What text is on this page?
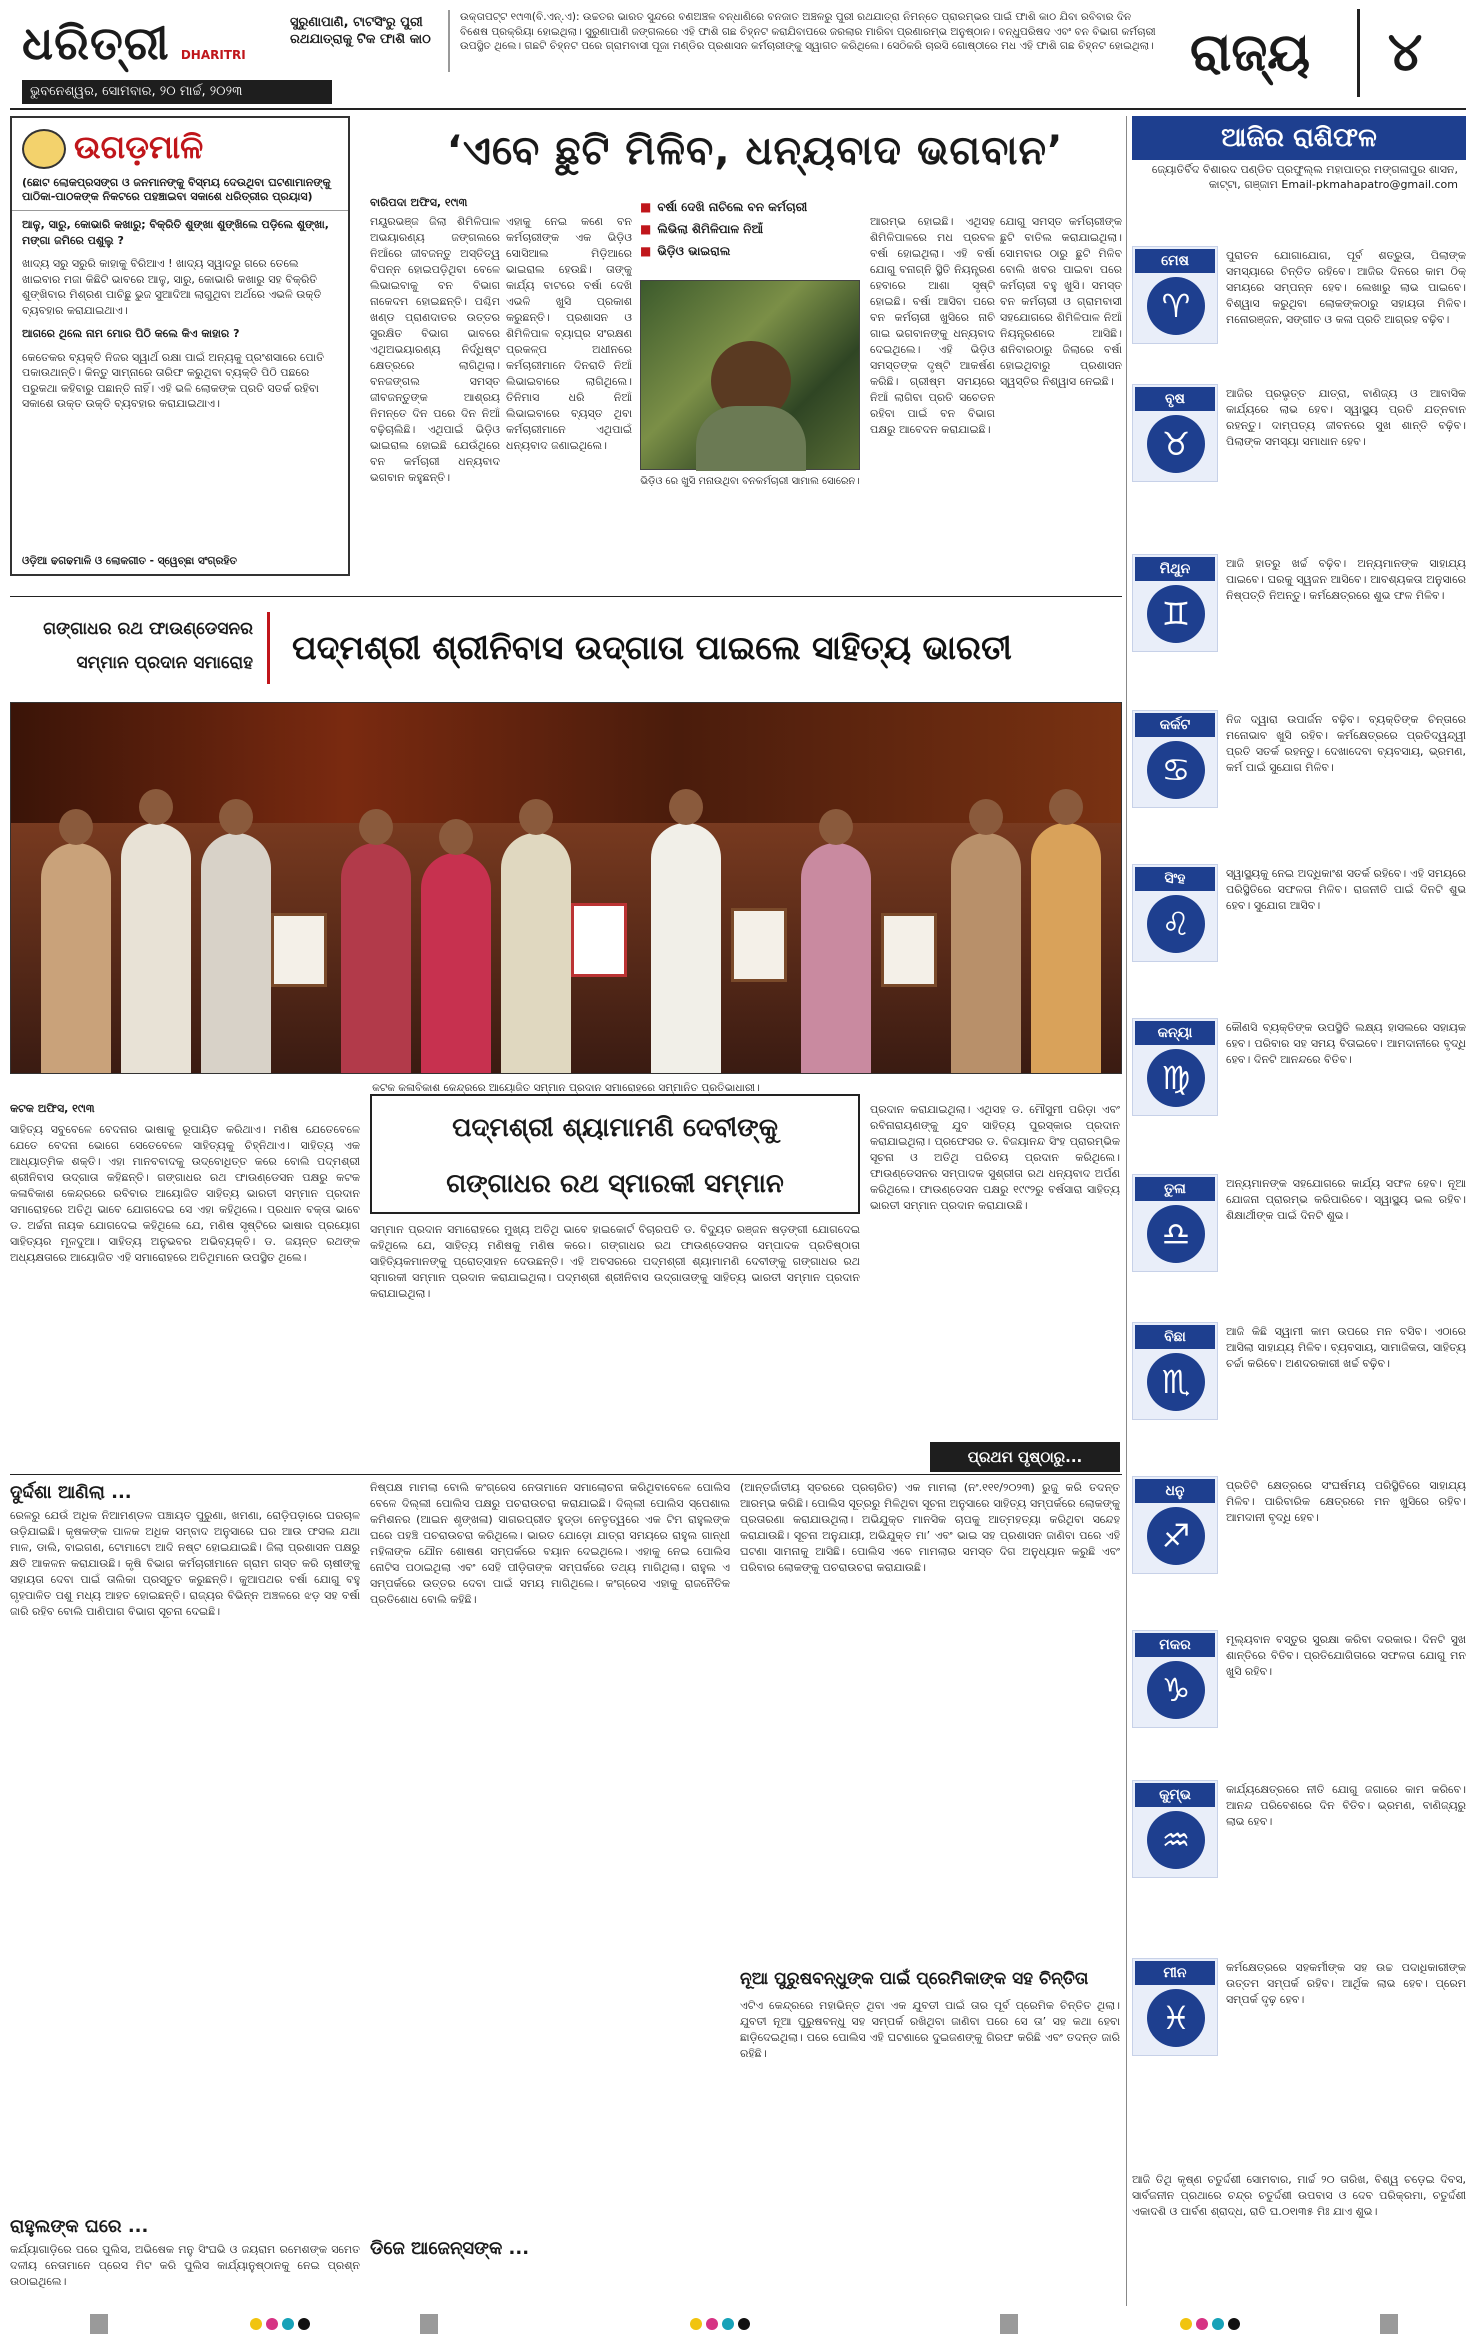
ଧରିତ୍ରୀ DHARITRI
ଭୁବନେଶ୍ୱର, ସୋମବାର, ୨୦ ମାର୍ଚ୍ଚ, ୨୦୨୩
ସୁରୁଣାପାଣି, ଟାଟସିଂରୁ ପୁରୀ ରଥଯାତ୍ରାକୁ ଟିକ ଫାଶି କାଠ
ଉକ୍ତାପଟ୍ଟ ୧୯ା୩(ବି.ଏନ୍‌.ଏ): ଉଚ୍ଚତର ଭାରତ ସୁନ୍ଦରେ ବଣଅଞ୍ଚଳ ବନ୍ଧାଣିରେ ବନଜାତ ଅଞ୍ଚଳରୁ ପୁରୀ ରଥଯାତ୍ରା ନିମନ୍ତେ ପ୍ରାରମ୍ଭର ପାଇଁ ଫାଶି କାଠ ଯିବା ରବିବାର ଦିନ ବିଶେଷ ପ୍ରକ୍ରିୟା ହୋଇଥିଲା। ସୁରୁଣାପାଣି ଜଙ୍ଗଲରେ ଏହି ଫାଶି ଗଛ ଚିହ୍ନଟ କରାଯିବାପରେ ଜରଲାର ମାରିବା ପ୍ରଣାରମ୍ଭ ଅନୁଷ୍ଠାନ। ବନ୍ଧୁପରିଷଦ ଏବଂ ବନ ବିଭାଗ କର୍ମଚାରୀ ଉପସ୍ଥିତ ଥିଲେ। ଗଛଟି ଚିହ୍ନଟ ପରେ ଗ୍ରାମବାସୀ ପୂଜା ମଣ୍ଡିର ପ୍ରଶାସନ କର୍ମଚାରୀଙ୍କୁ ସ୍ୱାଗତ କରିଥିଲେ। ସେଠିକରି ଚାରସି ଗୋଷ୍ଠୀରେ ମଧ ଏହି ଫାଶି ଗଛ ଚିହ୍ନଟ ହୋଇଥିଲା। ରାଜ୍ୟ ୪
ଉଗଡ଼ମାଳି
(ଛୋଟ ଲୋକପ୍ରସଙ୍ଗ ଓ ଜନମାନଙ୍କୁ ବିସ୍ମୟ ଦେଉଥିବା ଘଟଣାମାନଙ୍କୁ ପାଠିକା-ପାଠକଙ୍କ ନିକଟରେ ପହଞ୍ଚାଇବା ସକାଶେ ଧରିତ୍ରୀର ପ୍ରୟାସ)

ଆଳୁ, ସାରୁ, କୋଭାରି କଖାରୁ; ବିକ୍ରିତି ଶୁଙ୍ଖା ଶୁଙ୍ଖିଲେ ପଡ଼ିଲେ ଶୁଙ୍ଖା, ମଙ୍ଗା ଜମିରେ ପଶୁଲୁ ?

ଖାଦ୍ୟ ସରୁ ସରୁରି କାହାକୁ ବିରିଆଏ ! ଖାଦ୍ୟ ସ୍ୱାଦରୁ ଗରେ ତେଲେ ଖାଇବାର ମଜା କିଛିଟି ଭାବରେ ଆଳୁ, ସାରୁ, କୋଭାରି କଖାରୁ ସହ ବିକ୍ରିତି ଶୁଙ୍ଖିବାର ମିଶ୍ରଣ ପାଚିଛୁ ଭୁଜ ସୁଆଦିଆ ଲାଗୁଥିବା ଅର୍ଥରେ ଏଭଳି ଉକ୍ତି ବ୍ୟବହାର କରାଯାଇଥାଏ।

ଆଗରେ ଥିଲେ ନାମ ମୋର ପିଠି କଲେ କିଏ କାହାର ?

କେତେକର ବ୍ୟକ୍ତି ନିଜର ସ୍ୱାର୍ଥ ରକ୍ଷା ପାଇଁ ଅନ୍ୟକୁ ପ୍ରଂଶସାରେ ପୋତି ପକାଉଥାନ୍ତି। କିନ୍ତୁ ସାମ୍ନାରେ ତାରିଫ କରୁଥିବା ବ୍ୟକ୍ତି ପିଠି ପଛରେ ପରୁକଥା କହିବାରୁ ପଛାନ୍ତି ନାହିଁ। ଏହି ଭଳି ଲୋକଙ୍କ ପ୍ରତି ସତର୍କ ରହିବା ସକାଶେ ଉକ୍ତ ଉକ୍ତି ବ୍ୟବହାର କରାଯାଇଥାଏ।

ଓଡ଼ିଆ ଢଗଢମାଳି ଓ ଲୋକଗୀତ - ସ୍ୱେଚ୍ଛା ସଂଗ୍ରହିତ
‘ଏବେ ଛୁଟି ମିଳିବ, ଧନ୍ୟବାଦ ଭଗବାନ’
ବାରିପଦା ଅଫିସ, ୧୯ା୩
ମୟୂରଭଞ୍ଜ ଜିଲା ଶିମିଳିପାଳ ଅଭୟାରଣ୍ୟ ଜଙ୍ଗଲରେ ନିଆଁରେ ଜୀବଜନ୍ତୁ ଅସ୍ତିତ୍ୱ ବିପନ୍ନ ହୋଇପଡ଼ିଥିବା ବେଳେ ଲିଭାଇବାକୁ ବନ ବିଭାଗ ନାକେଦମ ହୋଇଛନ୍ତି। ପଶ୍ଚିମ ଖଣ୍ଡ ପ୍ରାଣଦାତର ଉତ୍ତର ସୁରକ୍ଷିତ ବିଭାଗ ଭାବରେ ଏଥିଅଭୟାରଣ୍ୟ ନିର୍ଦ୍ଧିଷ୍ଟ କ୍ଷେତ୍ରରେ ଲାଗିଥିଲା। ବନଜଙ୍ଗଲ ସମସ୍ତ ଜୀବଜନ୍ତୁଙ୍କ ଆଶ୍ରୟ ନିମନ୍ତେ ଦିନ ପରେ ଦିନ ନିଆଁ ବଢ଼ିଚାଲିଛି। ଏଥିପାଇଁ ଭିଡ଼ିଓ ଭାଇରାଲ ହୋଇଛି ଯେଉଁଥିରେ ବନ କର୍ମଚାରୀ ଧନ୍ୟବାଦ ଭଗବାନ କହୁଛନ୍ତି।
ଏହାକୁ ନେଇ କଣେ ବନ କର୍ମଚାରୀଙ୍କ ଏକ ଭିଡ଼ିଓ ସୋସିଆଲ ମିଡ଼ିଆରେ ଭାଇରାଲ ହେଉଛି। ତାଙ୍କୁ କାର୍ଯ୍ୟ ବାଟରେ ବର୍ଷା ଦେଖି ଏଭଳି ଖୁସି ପ୍ରକାଶ କରୁଛନ୍ତି। ପ୍ରଶାସନ ଓ ଶିମିଳିପାଳ ବ୍ୟାଘ୍ର ସଂରକ୍ଷଣ ପ୍ରକଳ୍ପ ଅଧୀନରେ କର୍ମଚାରୀମାନେ ଦିନରାତି ନିଆଁ ଲିଭାଇବାରେ ଲାଗିଥିଲେ। ତିନିମାସ ଧରି ନିଆଁ ଲିଭାଇବାରେ ବ୍ୟସ୍ତ ଥିବା କର୍ମଚାରୀମାନେ ଏଥିପାଇଁ ଧନ୍ୟବାଦ ଜଣାଇଥିଲେ।
■ ବର୍ଷା ଦେଖି ନାଚିଲେ ବନ କର୍ମଚାରୀ
■ ଲିଭିଲା ଶିମିଳିପାଳ ନିଆଁ
■ ଭିଡ଼ିଓ ଭାଇରାଲ
ଭିଡ଼ିଓ ରେ ଖୁସି ମନାଉଥିବା ବନକର୍ମଚାରୀ ସାମାଲ ସୋରେନ।
ଆରମ୍ଭ ହୋଇଛି। ଏଥିସହ ଶିମିଳିପାଳରେ ମଧ ପ୍ରବଳ ବର୍ଷା ହୋଇଥିଲା। ଏହି ବର୍ଷା ଯୋଗୁ ବନାଗ୍ନି ସ୍ଥିତି ନିୟନ୍ତ୍ରଣ ହେବାରେ ଆଶା ସୃଷ୍ଟି ହୋଇଛି। ବର୍ଷା ଆସିବା ପରେ ବନ କର୍ମଚାରୀ ଖୁସିରେ ନାଚି ଗାଇ ଭଗବାନଙ୍କୁ ଧନ୍ୟବାଦ ଦେଇଥିଲେ। ଏହି ଭିଡ଼ିଓ ସମସ୍ତଙ୍କ ଦୃଷ୍ଟି ଆକର୍ଷଣ କରିଛି। ଗ୍ରୀଷ୍ମ ସମୟରେ ନିଆଁ ଲାଗିବା ପ୍ରତି ସଚେତନ ରହିବା ପାଇଁ ବନ ବିଭାଗ ପକ୍ଷରୁ ଆବେଦନ କରାଯାଇଛି।
ଯୋଗୁ ସମସ୍ତ କର୍ମଚାରୀଙ୍କ ଛୁଟି ବାତିଲ କରାଯାଇଥିଲା। ସୋମବାର ଠାରୁ ଛୁଟି ମିଳିବ ବୋଲି ଖବର ପାଇବା ପରେ କର୍ମଚାରୀ ବହୁ ଖୁସି। ସମସ୍ତ ବନ କର୍ମଚାରୀ ଓ ଗ୍ରାମବାସୀ ସହଯୋଗରେ ଶିମିଳିପାଳ ନିଆଁ ନିୟନ୍ତ୍ରଣରେ ଆସିଛି। ଶନିବାରଠାରୁ ଜିଲାରେ ବର୍ଷା ହୋଇଥିବାରୁ ପ୍ରଶାସନ ସ୍ୱସ୍ତିର ନିଶ୍ୱାସ ନେଇଛି।
ଆଜିର ରାଶିଫଳ
ଜ୍ୟୋତିର୍ବିଦ ବିଶାରଦ ପଣ୍ଡିତ ପ୍ରଫୁଲ୍ଲ ମହାପାତ୍ର ମଙ୍ଗଳାପୁର ଶାସନ, କାଟ୍ଟା, ଗଞ୍ଜାମ Email-pkmahapatro@gmail.com
ମେଷ
♈
ପୁରାତନ ଯୋଗାଯୋଗ, ପୂର୍ବ ଶତ୍ରୁତା, ପିଲାଙ୍କ ସମସ୍ୟାରେ ଚିନ୍ତିତ ରହିବେ। ଆଜିର ଦିନରେ କାମ ଠିକ୍ ସମୟରେ ସମ୍ପନ୍ନ ହେବ। ଲେଖାରୁ ଲାଭ ପାଇବେ। ବିଶ୍ୱାସ କରୁଥିବା ଲୋକଙ୍କଠାରୁ ସହାୟତା ମିଳିବ। ମନୋରଞ୍ଜନ, ସଙ୍ଗୀତ ଓ କଳା ପ୍ରତି ଆଗ୍ରହ ବଢ଼ିବ।
ବୃଷ
♉
ଆଜିର ପ୍ରଭୃତ୍ତ ଯାତ୍ରା, ବାଣିଜ୍ୟ ଓ ଆବାସିକ କାର୍ଯ୍ୟରେ ଲାଭ ହେବ। ସ୍ୱାସ୍ଥ୍ୟ ପ୍ରତି ଯତ୍ନବାନ ରହନ୍ତୁ। ଦାମ୍ପତ୍ୟ ଜୀବନରେ ସୁଖ ଶାନ୍ତି ବଢ଼ିବ। ପିଲାଙ୍କ ସମସ୍ୟା ସମାଧାନ ହେବ।
ମିଥୁନ
♊
ଆଜି ହାତରୁ ଖର୍ଚ୍ଚ ବଢ଼ିବ। ଅନ୍ୟମାନଙ୍କ ସାହାଯ୍ୟ ପାଇବେ। ଘରକୁ ସ୍ୱଜନ ଆସିବେ। ଆବଶ୍ୟକତା ଅନୁସାରେ ନିଷ୍ପତ୍ତି ନିଅନ୍ତୁ। କର୍ମକ୍ଷେତ୍ରରେ ଶୁଭ ଫଳ ମିଳିବ।
କର୍କଟ
♋
ନିଜ ଦ୍ୱାରା ଉପାର୍ଜନ ବଢ଼ିବ। ବ୍ୟକ୍ତିଙ୍କ ଚିନ୍ତାରେ ମନୋଭାବ ଖୁସି ରହିବ। କର୍ମକ୍ଷେତ୍ରରେ ପ୍ରତିଦ୍ୱନ୍ଦ୍ୱୀ ପ୍ରତି ସତର୍କ ରହନ୍ତୁ। ଦେଖାଦେବା ବ୍ୟବସାୟ, ଭ୍ରମଣ, କର୍ମ ପାଇଁ ସୁଯୋଗ ମିଳିବ।
ସିଂହ
♌
ସ୍ୱାସ୍ଥ୍ୟକୁ ନେଇ ଅଦ୍ଧିକାଂଶ ସତର୍କ ରହିବେ। ଏହି ସମୟରେ ପରିସ୍ଥିତିରେ ସଫଳତା ମିଳିବ। ରାଜନୀତି ପାଇଁ ଦିନଟି ଶୁଭ ହେବ। ସୁଯୋଗ ଆସିବ।
କନ୍ୟା
♍
କୌଣସି ବ୍ୟକ୍ତିଙ୍କ ଉପସ୍ଥିତି ଲକ୍ଷ୍ୟ ହାସଲରେ ସହାୟକ ହେବ। ପରିବାର ସହ ସମୟ ବିତାଇବେ। ଆମଦାନୀରେ ବୃଦ୍ଧି ହେବ। ଦିନଟି ଆନନ୍ଦରେ ବିତିବ।
ତୁଳା
♎
ଅନ୍ୟମାନଙ୍କ ସହଯୋଗରେ କାର୍ଯ୍ୟ ସଫଳ ହେବ। ନୂଆ ଯୋଜନା ପ୍ରାରମ୍ଭ କରିପାରିବେ। ସ୍ୱାସ୍ଥ୍ୟ ଭଲ ରହିବ। ଶିକ୍ଷାର୍ଥୀଙ୍କ ପାଇଁ ଦିନଟି ଶୁଭ।
ବିଛା
♏
ଆଜି କିଛି ସ୍ୱାମୀ କାମ ଉପରେ ମନ ବସିବ। ଏଠାରେ ଆସିଲା ସାହାଯ୍ୟ ମିଳିବ। ବ୍ୟବସାୟ, ସାମାଜିକତା, ସାହିତ୍ୟ ଚର୍ଚ୍ଚା କରିବେ। ଅଣଦରକାରୀ ଖର୍ଚ୍ଚ ବଢ଼ିବ।
ଧନୁ
♐
ପ୍ରତିଟି କ୍ଷେତ୍ରରେ ସଂଘର୍ଷମୟ ପରିସ୍ଥିତିରେ ସାହାଯ୍ୟ ମିଳିବ। ପାରିବାରିକ କ୍ଷେତ୍ରରେ ମନ ଖୁସିରେ ରହିବ। ଆମଦାନୀ ବୃଦ୍ଧି ହେବ।
ମକର
♑
ମୂଲ୍ୟବାନ ବସ୍ତୁର ସୁରକ୍ଷା କରିବା ଦରକାର। ଦିନଟି ସୁଖ ଶାନ୍ତିରେ ବିତିବ। ପ୍ରତିଯୋଗିତାରେ ସଫଳତା ଯୋଗୁ ମନ ଖୁସି ରହିବ।
କୁମ୍ଭ
♒
କାର୍ଯ୍ୟକ୍ଷେତ୍ରରେ ନୀତି ଯୋଗୁ ଜଗାରେ କାମ କରିବେ। ଆନନ୍ଦ ପରିବେଶରେ ଦିନ ବିତିବ। ଭ୍ରମଣ, ବାଣିଜ୍ୟରୁ ଲାଭ ହେବ।
ମୀନ
♓
କର୍ମକ୍ଷେତ୍ରରେ ସହକର୍ମୀଙ୍କ ସହ ଉଚ୍ଚ ପଦାଧିକାରୀଙ୍କ ଉତ୍ତମ ସମ୍ପର୍କ ରହିବ। ଆର୍ଥିକ ଲାଭ ହେବ। ପ୍ରେମ ସମ୍ପର୍କ ଦୃଢ଼ ହେବ।
ଆଜି ତିଥି କୃଷ୍ଣ ଚତୁର୍ଦ୍ଦଶୀ ସୋମବାର, ମାର୍ଚ୍ଚ ୨୦ ତାରିଖ, ବିଶ୍ୱ ଚଡ଼େଇ ଦିବସ, ସାର୍ବଜନୀନ ପ୍ରଥାରେ ଚନ୍ଦ୍ର ଚତୁର୍ଦ୍ଦଶୀ ଉପବାସ ଓ ଦେବ ପରିକ୍ରମା, ଚତୁର୍ଦ୍ଦଶୀ ଏକାଦଶି ଓ ପାର୍ବଣ ଶ୍ରାଦ୍ଧ, ରାତି ଘ.୦୧ା୩୫ ମିଃ ଯାଏ ଶୁଭ।
ଗଙ୍ଗାଧର ରଥ ଫାଉଣ୍ଡେସନର ସମ୍ମାନ ପ୍ରଦାନ ସମାରୋହ	ପଦ୍ମଶ୍ରୀ ଶ୍ରୀନିବାସ ଉଦ୍‌ଗାତା ପାଇଲେ ସାହିତ୍ୟ ଭାରତୀ
କଟକ କଳାବିକାଶ କେନ୍ଦ୍ରରେ ଆୟୋଜିତ ସମ୍ମାନ ପ୍ରଦାନ ସମାରୋହରେ ସମ୍ମାନିତ ପ୍ରତିଭାଧାରୀ।
କଟକ ଅଫିସ, ୧୯ା୩
ସାହିତ୍ୟ ସବୁବେଳେ ବେଦନାର ଭାଷାକୁ ରୂପାୟିତ କରିଥାଏ। ମଣିଷ ଯେତେବେଳେ ଯେତେ ବେଦନା ଭୋଗେ ସେତେବେଳେ ସାହିତ୍ୟକୁ ଚିହ୍ନିଥାଏ। ସାହିତ୍ୟ ଏକ ଆଧ୍ୟାତ୍ମିକ ଶକ୍ତି। ଏହା ମାନବବାଦକୁ ଉଦ୍‌ବୋଧିତ୍ତ କରେ ବୋଲି ପଦ୍ମଶ୍ରୀ ଶ୍ରୀନିବାସ ଉଦ୍‌ଗାତା କହିଛନ୍ତି। ଗଙ୍ଗାଧର ରଥ ଫାଉଣ୍ଡେସନ ପକ୍ଷରୁ କଟକ କଳାବିକାଶ କେନ୍ଦ୍ରରେ ରବିବାର ଆୟୋଜିତ ସାହିତ୍ୟ ଭାରତୀ ସମ୍ମାନ ପ୍ରଦାନ ସମାରୋହରେ ଅତିଥି ଭାବେ ଯୋଗଦେଇ ସେ ଏହା କହିଥିଲେ। ପ୍ରଧାନ ବକ୍ତା ଭାବେ ଡ. ଅର୍ଚ୍ଚନା ନାୟକ ଯୋଗଦେଇ କହିଥିଲେ ଯେ, ମଣିଷ ସୃଷ୍ଟିରେ ଭାଷାର ପ୍ରୟୋଗ ସାହିତ୍ୟର ମୂଳଦୁଆ। ସାହିତ୍ୟ ଅନୁଭବର ଅଭିବ୍ୟକ୍ତି। ଡ. ଜୟନ୍ତ ରଥଙ୍କ ଅଧ୍ୟକ୍ଷତାରେ ଆୟୋଜିତ ଏହି ସମାରୋହରେ ଅତିଥିମାନେ ଉପସ୍ଥିତ ଥିଲେ।
ପଦ୍ମଶ୍ରୀ ଶ୍ୟାମାମଣି ଦେବୀଙ୍କୁ
ଗଙ୍ଗାଧର ରଥ ସ୍ମାରକୀ ସମ୍ମାନ
ସମ୍ମାନ ପ୍ରଦାନ ସମାରୋହରେ ମୁଖ୍ୟ ଅତିଥି ଭାବେ ହାଇକୋର୍ଟ ବିଚାରପତି ଡ. ବିଦ୍ୟୁତ ରଞ୍ଜନ ଷଡ଼ଙ୍ଗୀ ଯୋଗଦେଇ କହିଥିଲେ ଯେ, ସାହିତ୍ୟ ମଣିଷକୁ ମଣିଷ କରେ। ଗଙ୍ଗାଧର ରଥ ଫାଉଣ୍ଡେସନର ସମ୍ପାଦକ ପ୍ରତିଷ୍ଠାତା ସାହିତ୍ୟିକମାନଙ୍କୁ ପ୍ରୋତ୍ସାହନ ଦେଉଛନ୍ତି। ଏହି ଅବସରରେ ପଦ୍ମଶ୍ରୀ ଶ୍ୟାମାମଣି ଦେବୀଙ୍କୁ ଗଙ୍ଗାଧର ରଥ ସ୍ମାରକୀ ସମ୍ମାନ ପ୍ରଦାନ କରାଯାଇଥିଲା। ପଦ୍ମଶ୍ରୀ ଶ୍ରୀନିବାସ ଉଦ୍‌ଗାତାଙ୍କୁ ସାହିତ୍ୟ ଭାରତୀ ସମ୍ମାନ ପ୍ରଦାନ କରାଯାଇଥିଲା।
ପ୍ରଦାନ କରାଯାଇଥିଲା। ଏଥିସହ ଡ. ମୌସୁମୀ ପରିଡ଼ା ଏବଂ ରବିନାରାୟଣଙ୍କୁ ଯୁବ ସାହିତ୍ୟ ପୁରସ୍କାର ପ୍ରଦାନ କରାଯାଇଥିଲା। ପ୍ରଫେସର ଡ. ବିଜୟାନନ୍ଦ ସିଂହ ପ୍ରାରମ୍ଭିକ ସୂଚନା ଓ ଅତିଥି ପରିଚୟ ପ୍ରଦାନ କରିଥିଲେ। ଫାଉଣ୍ଡେସନର ସମ୍ପାଦକ ସୁଶ୍ରୀତା ରଥ ଧନ୍ୟବାଦ ଅର୍ପଣ କରିଥିଲେ। ଫାଉଣ୍ଡେସନ ପକ୍ଷରୁ ୧୯୯୨ରୁ ବର୍ଷସାରା ସାହିତ୍ୟ ଭାରତୀ ସମ୍ମାନ ପ୍ରଦାନ କରାଯାଉଛି।
ପ୍ରଥମ ପୃଷ୍ଠାରୁ...
ଦୁର୍ଦ୍ଦଶା ଆଣିଲା ...
ରେଳରୁ ଯେଉଁ ଅଧିକ ନିଆମଣ୍ଡଳ ପଞ୍ଚାୟତ ପୁରୁଣା, ଖମଣା, ରୋଡ଼ିପଡ଼ାରେ ଘରଚାଳ ଉଡ଼ିଯାଇଛି। କୃଷକଙ୍କ ପାଳକ ଅଧିକ ସମ୍ବାଦ ଅନୁସାରେ ଘର ଆଉ ଫସଲ ଯଥା ମାଳ, ଡାଲି, ବାଇଗଣ, ଟୋମାଟୋ ଆଦି ନଷ୍ଟ ହୋଇଯାଇଛି। ଜିଲା ପ୍ରଶାସନ ପକ୍ଷରୁ କ୍ଷତି ଆକଳନ କରାଯାଉଛି। କୃଷି ବିଭାଗ କର୍ମଚାରୀମାନେ ଗ୍ରାମ ଗସ୍ତ କରି ଚାଷୀଙ୍କୁ ସହାୟତା ଦେବା ପାଇଁ ତାଲିକା ପ୍ରସ୍ତୁତ କରୁଛନ୍ତି। କୁଆପଥର ବର୍ଷା ଯୋଗୁ ବହୁ ଗୃହପାଳିତ ପଶୁ ମଧ୍ୟ ଆହତ ହୋଇଛନ୍ତି। ରାଜ୍ୟର ବିଭିନ୍ନ ଅଞ୍ଚଳରେ ଝଡ଼ ସହ ବର୍ଷା ଜାରି ରହିବ ବୋଲି ପାଣିପାଗ ବିଭାଗ ସୂଚନା ଦେଇଛି।
ରାହୁଲଙ୍କ ଘରେ ...
କର୍ଯ୍ୟାଗାଡ଼ିରେ ପରେ ପୁଲିସ, ଅଭିଷେକ ମନୁ ସିଂଘଭି ଓ ଜୟରାମ ରମେଶଙ୍କ ସମେତ ଦଳୀୟ ନେତାମାନେ ପ୍ରେସ ମିଟ କରି ପୁଲିସ କାର୍ଯ୍ୟାନୁଷ୍ଠାନକୁ ନେଇ ପ୍ରଶ୍ନ ଉଠାଇଥିଲେ।
ନିଷ୍ପକ୍ଷ ମାମଲା ବୋଲି କଂଗ୍ରେସ ନେତାମାନେ ସମାଲୋଚନା କରିଥିବାବେଳେ ପୋଲିସ ବେଳେ ଦିଲ୍ଲୀ ପୋଲିସ ପକ୍ଷରୁ ପଚରାଉଚରା କରାଯାଇଛି। ଦିଲ୍ଲୀ ପୋଲିସ ସ୍ପେଶାଲ କମିଶନର (ଆଇନ ଶୃଙ୍ଖଳା) ସାଗରପ୍ରୀତ ହୁଡ୍ଡା ନେତୃତ୍ୱରେ ଏକ ଟିମ ରାହୁଲଙ୍କ ଘରେ ପହଞ୍ଚି ପଚରାଉଚରା କରିଥିଲେ। ଭାରତ ଯୋଡ଼ୋ ଯାତ୍ରା ସମୟରେ ରାହୁଲ ଗାନ୍ଧୀ ମହିଳାଙ୍କ ଯୌନ ଶୋଷଣ ସମ୍ପର୍କରେ ବୟାନ ଦେଇଥିଲେ। ଏହାକୁ ନେଇ ପୋଲିସ ନୋଟିସ ପଠାଇଥିଲା ଏବଂ ସେହି ପୀଡ଼ିତାଙ୍କ ସମ୍ପର୍କରେ ତଥ୍ୟ ମାଗିଥିଲା। ରାହୁଲ ଏ ସମ୍ପର୍କରେ ଉତ୍ତର ଦେବା ପାଇଁ ସମୟ ମାଗିଥିଲେ। କଂଗ୍ରେସ ଏହାକୁ ରାଜନୈତିକ ପ୍ରତିଶୋଧ ବୋଲି କହିଛି।
ଡିଜେ ଆଜେନ୍ସଙ୍କ ...
(ଆନ୍ତର୍ଜାତୀୟ ସ୍ତରରେ ପ୍ରଚାରିତ) ଏକ ମାମଲା (ନଂ.୧୧୧/୨୦୨୩) ରୁଜୁ କରି ତଦନ୍ତ ଆରମ୍ଭ କରିଛି। ପୋଲିସ ସୂତ୍ରରୁ ମିଳିଥିବା ସୂଚନା ଅନୁସାରେ ସାହିତ୍ୟ ସମ୍ପର୍କରେ ଲୋକଙ୍କୁ ପ୍ରତାରଣା କରାଯାଉଥିଲା। ଅଭିଯୁକ୍ତ ମାନସିକ ଚାପକୁ ଆତ୍ମହତ୍ୟା କରିଥିବା ସନ୍ଦେହ କରାଯାଉଛି। ସୂଚନା ଅନୁଯାୟୀ, ଅଭିଯୁକ୍ତ ମା’ ଏବଂ ଭାଇ ସହ ପ୍ରଶାସନ ଜାଣିବା ପରେ ଏହି ଘଟଣା ସାମନାକୁ ଆସିଛି। ପୋଲିସ ଏବେ ମାମଲାର ସମସ୍ତ ଦିଗ ଅନୁଧ୍ୟାନ କରୁଛି ଏବଂ ପରିବାର ଲୋକଙ୍କୁ ପଚରାଉଚରା କରାଯାଉଛି।
ନୂଆ ପୁରୁଷବନ୍ଧୁଙ୍କ ପାଇଁ ପ୍ରେମିକାଙ୍କ ସହ ଚିନ୍ତିତା
ଏଟିଏ କେନ୍ଦ୍ରରେ ମହାଭିନ୍ତ ଥିବା ଏକ ଯୁବତୀ ପାଇଁ ତାର ପୂର୍ବ ପ୍ରେମିକ ଚିନ୍ତିତ ଥିଲା। ଯୁବତୀ ନୂଆ ପୁରୁଷବନ୍ଧୁ ସହ ସମ୍ପର୍କ ରଖିଥିବା ଜାଣିବା ପରେ ସେ ତା’ ସହ କଥା ହେବା ଛାଡ଼ିଦେଇଥିଲା। ପରେ ପୋଲିସ ଏହି ଘଟଣାରେ ଦୁଇଜଣଙ୍କୁ ଗିରଫ କରିଛି ଏବଂ ତଦନ୍ତ ଜାରି ରହିଛି।
